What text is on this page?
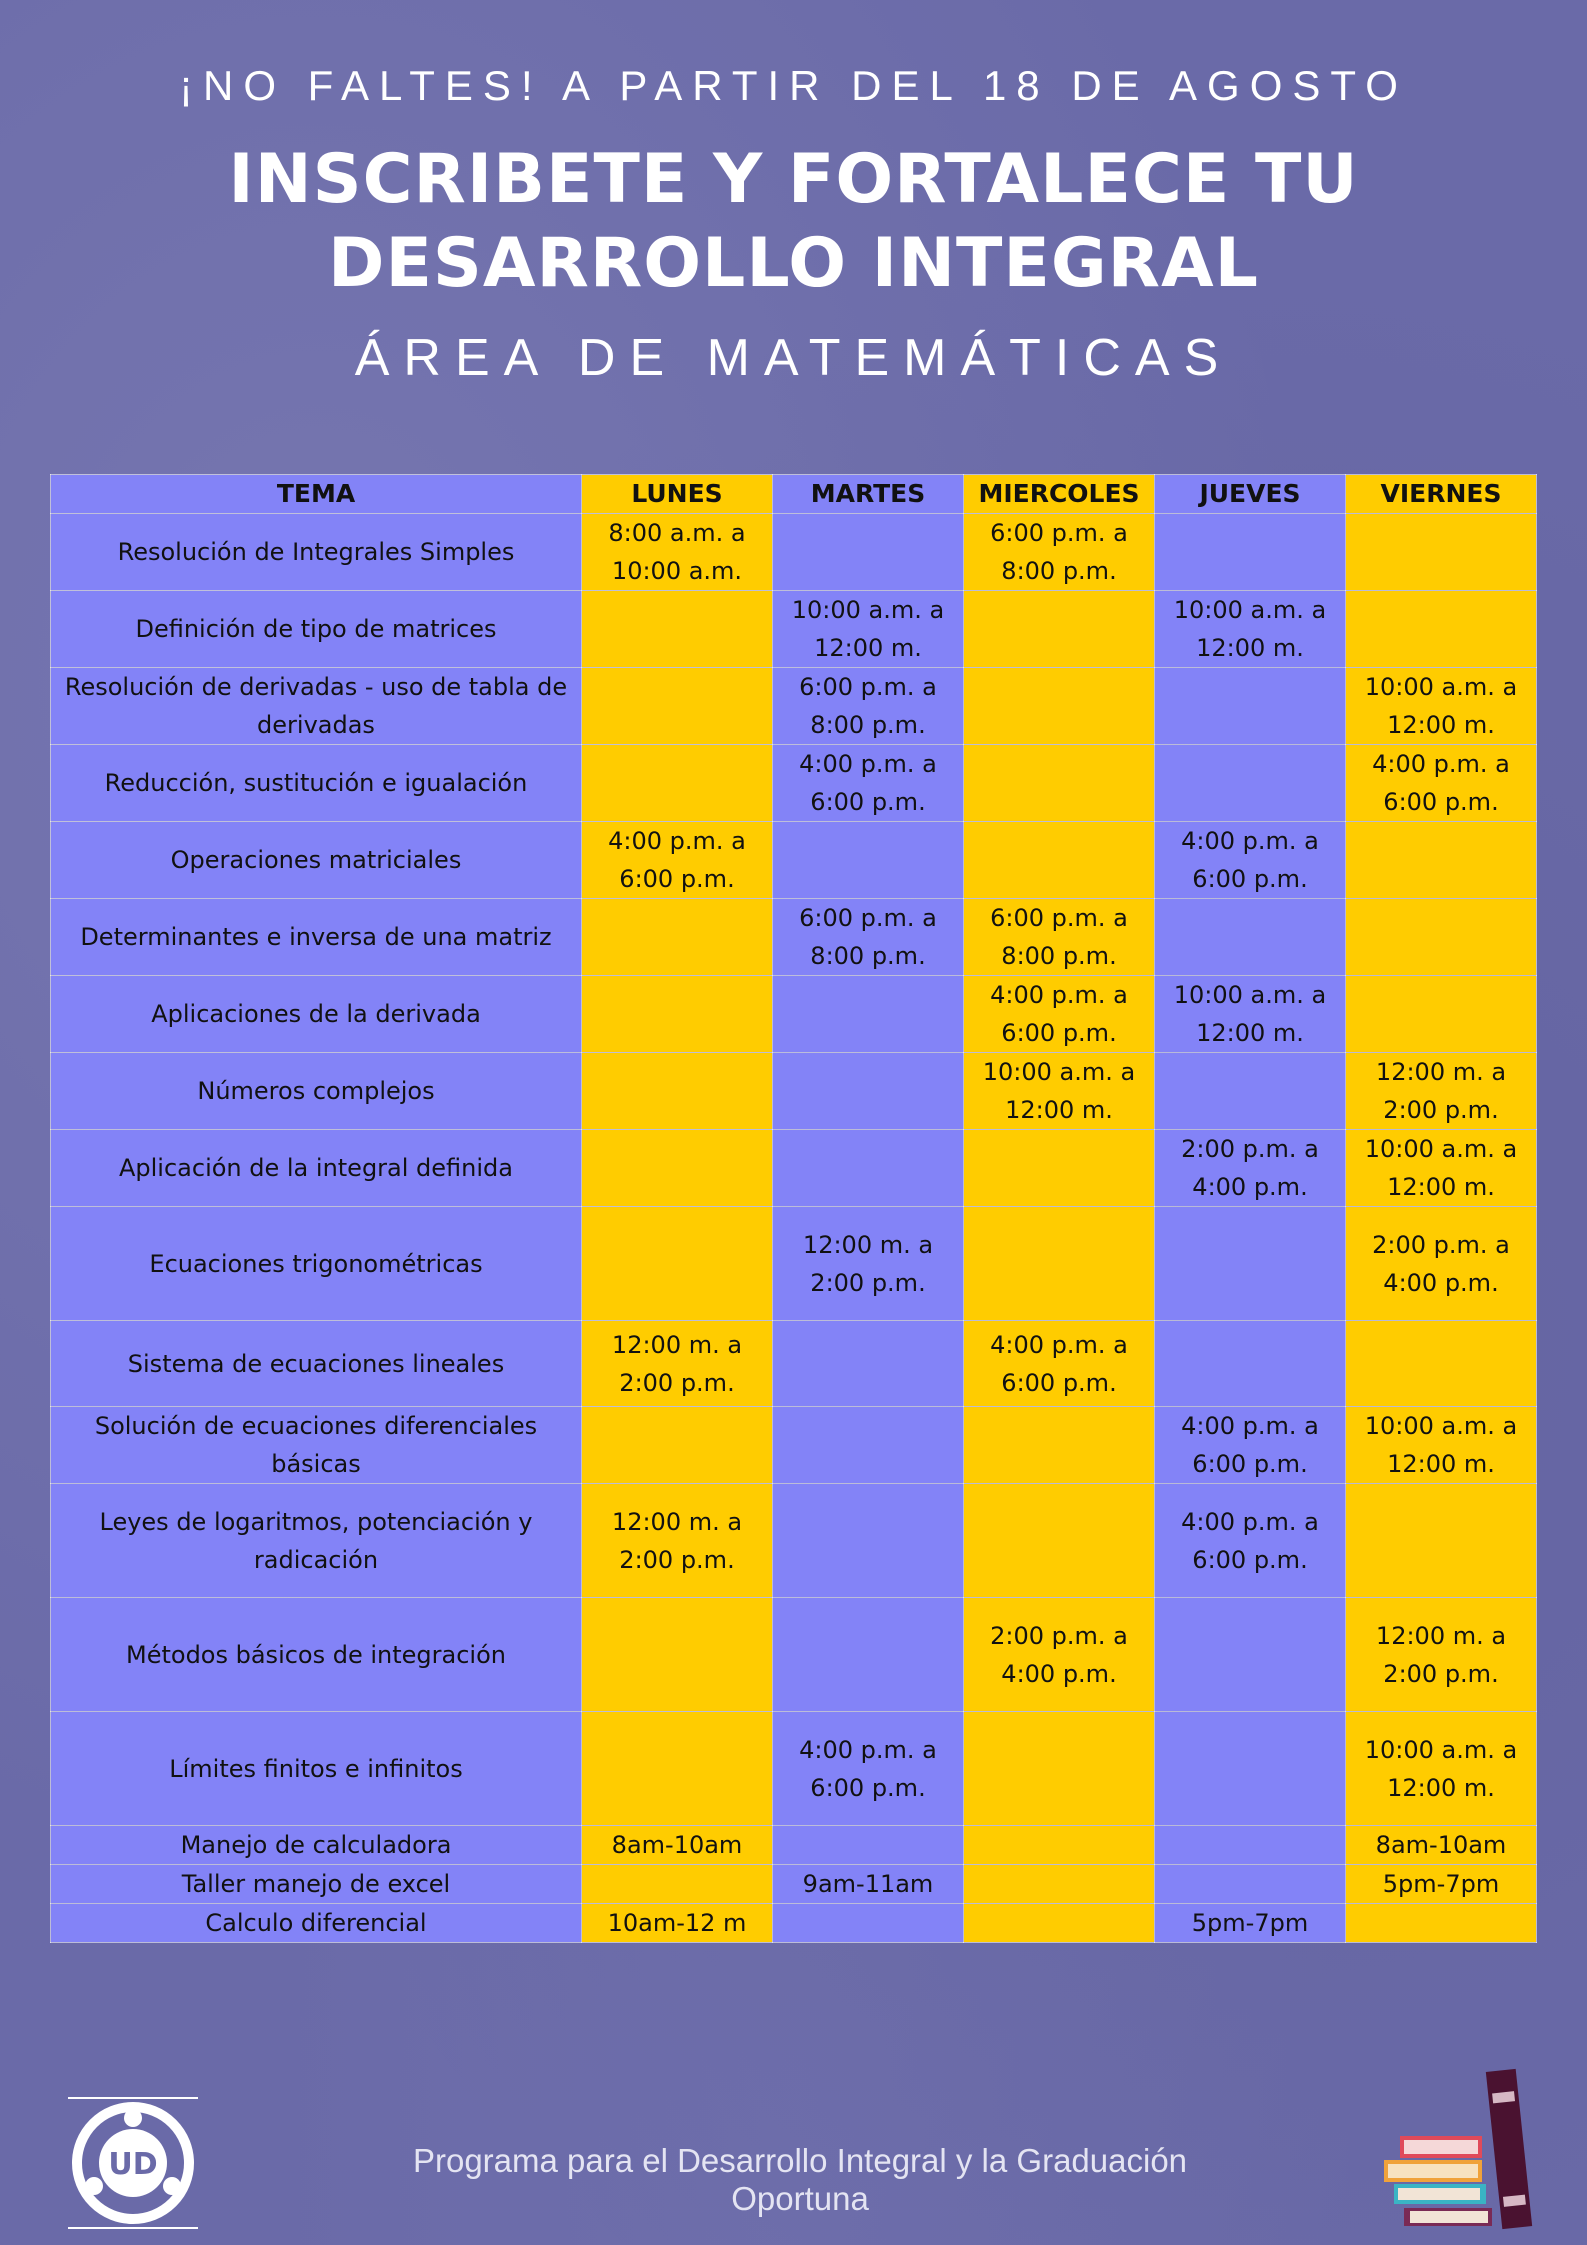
¡NO FALTES! A PARTIR DEL 18 DE AGOSTO
INSCRIBETE Y FORTALECE TU
DESARROLLO INTEGRAL
ÁREA DE MATEMÁTICAS
TEMA	LUNES	MARTES	MIERCOLES	JUEVES	VIERNES
Resolución de Integrales Simples	8:00 a.m. a 10:00 a.m.		6:00 p.m. a 8:00 p.m.		
Definición de tipo de matrices		10:00 a.m. a 12:00 m.		10:00 a.m. a 12:00 m.	
Resolución de derivadas - uso de tabla de derivadas		6:00 p.m. a 8:00 p.m.			10:00 a.m. a 12:00 m.
Reducción, sustitución e igualación		4:00 p.m. a 6:00 p.m.			4:00 p.m. a 6:00 p.m.
Operaciones matriciales	4:00 p.m. a 6:00 p.m.			4:00 p.m. a 6:00 p.m.	
Determinantes e inversa de una matriz		6:00 p.m. a 8:00 p.m.	6:00 p.m. a 8:00 p.m.		
Aplicaciones de la derivada			4:00 p.m. a 6:00 p.m.	10:00 a.m. a 12:00 m.	
Números complejos			10:00 a.m. a 12:00 m.		12:00 m. a 2:00 p.m.
Aplicación de la integral definida				2:00 p.m. a 4:00 p.m.	10:00 a.m. a 12:00 m.
Ecuaciones trigonométricas		12:00 m. a 2:00 p.m.			2:00 p.m. a 4:00 p.m.
Sistema de ecuaciones lineales	12:00 m. a 2:00 p.m.		4:00 p.m. a 6:00 p.m.		
Solución de ecuaciones diferenciales básicas				4:00 p.m. a 6:00 p.m.	10:00 a.m. a 12:00 m.
Leyes de logaritmos, potenciación y radicación	12:00 m. a 2:00 p.m.			4:00 p.m. a 6:00 p.m.	
Métodos básicos de integración			2:00 p.m. a 4:00 p.m.		12:00 m. a 2:00 p.m.
Límites finitos e infinitos		4:00 p.m. a 6:00 p.m.			10:00 a.m. a 12:00 m.
Manejo de calculadora	8am-10am				8am-10am
Taller manejo de excel		9am-11am			5pm-7pm
Calculo diferencial	10am-12 m			5pm-7pm	
UD	Programa para el Desarrollo Integral y la Graduación Oportuna
